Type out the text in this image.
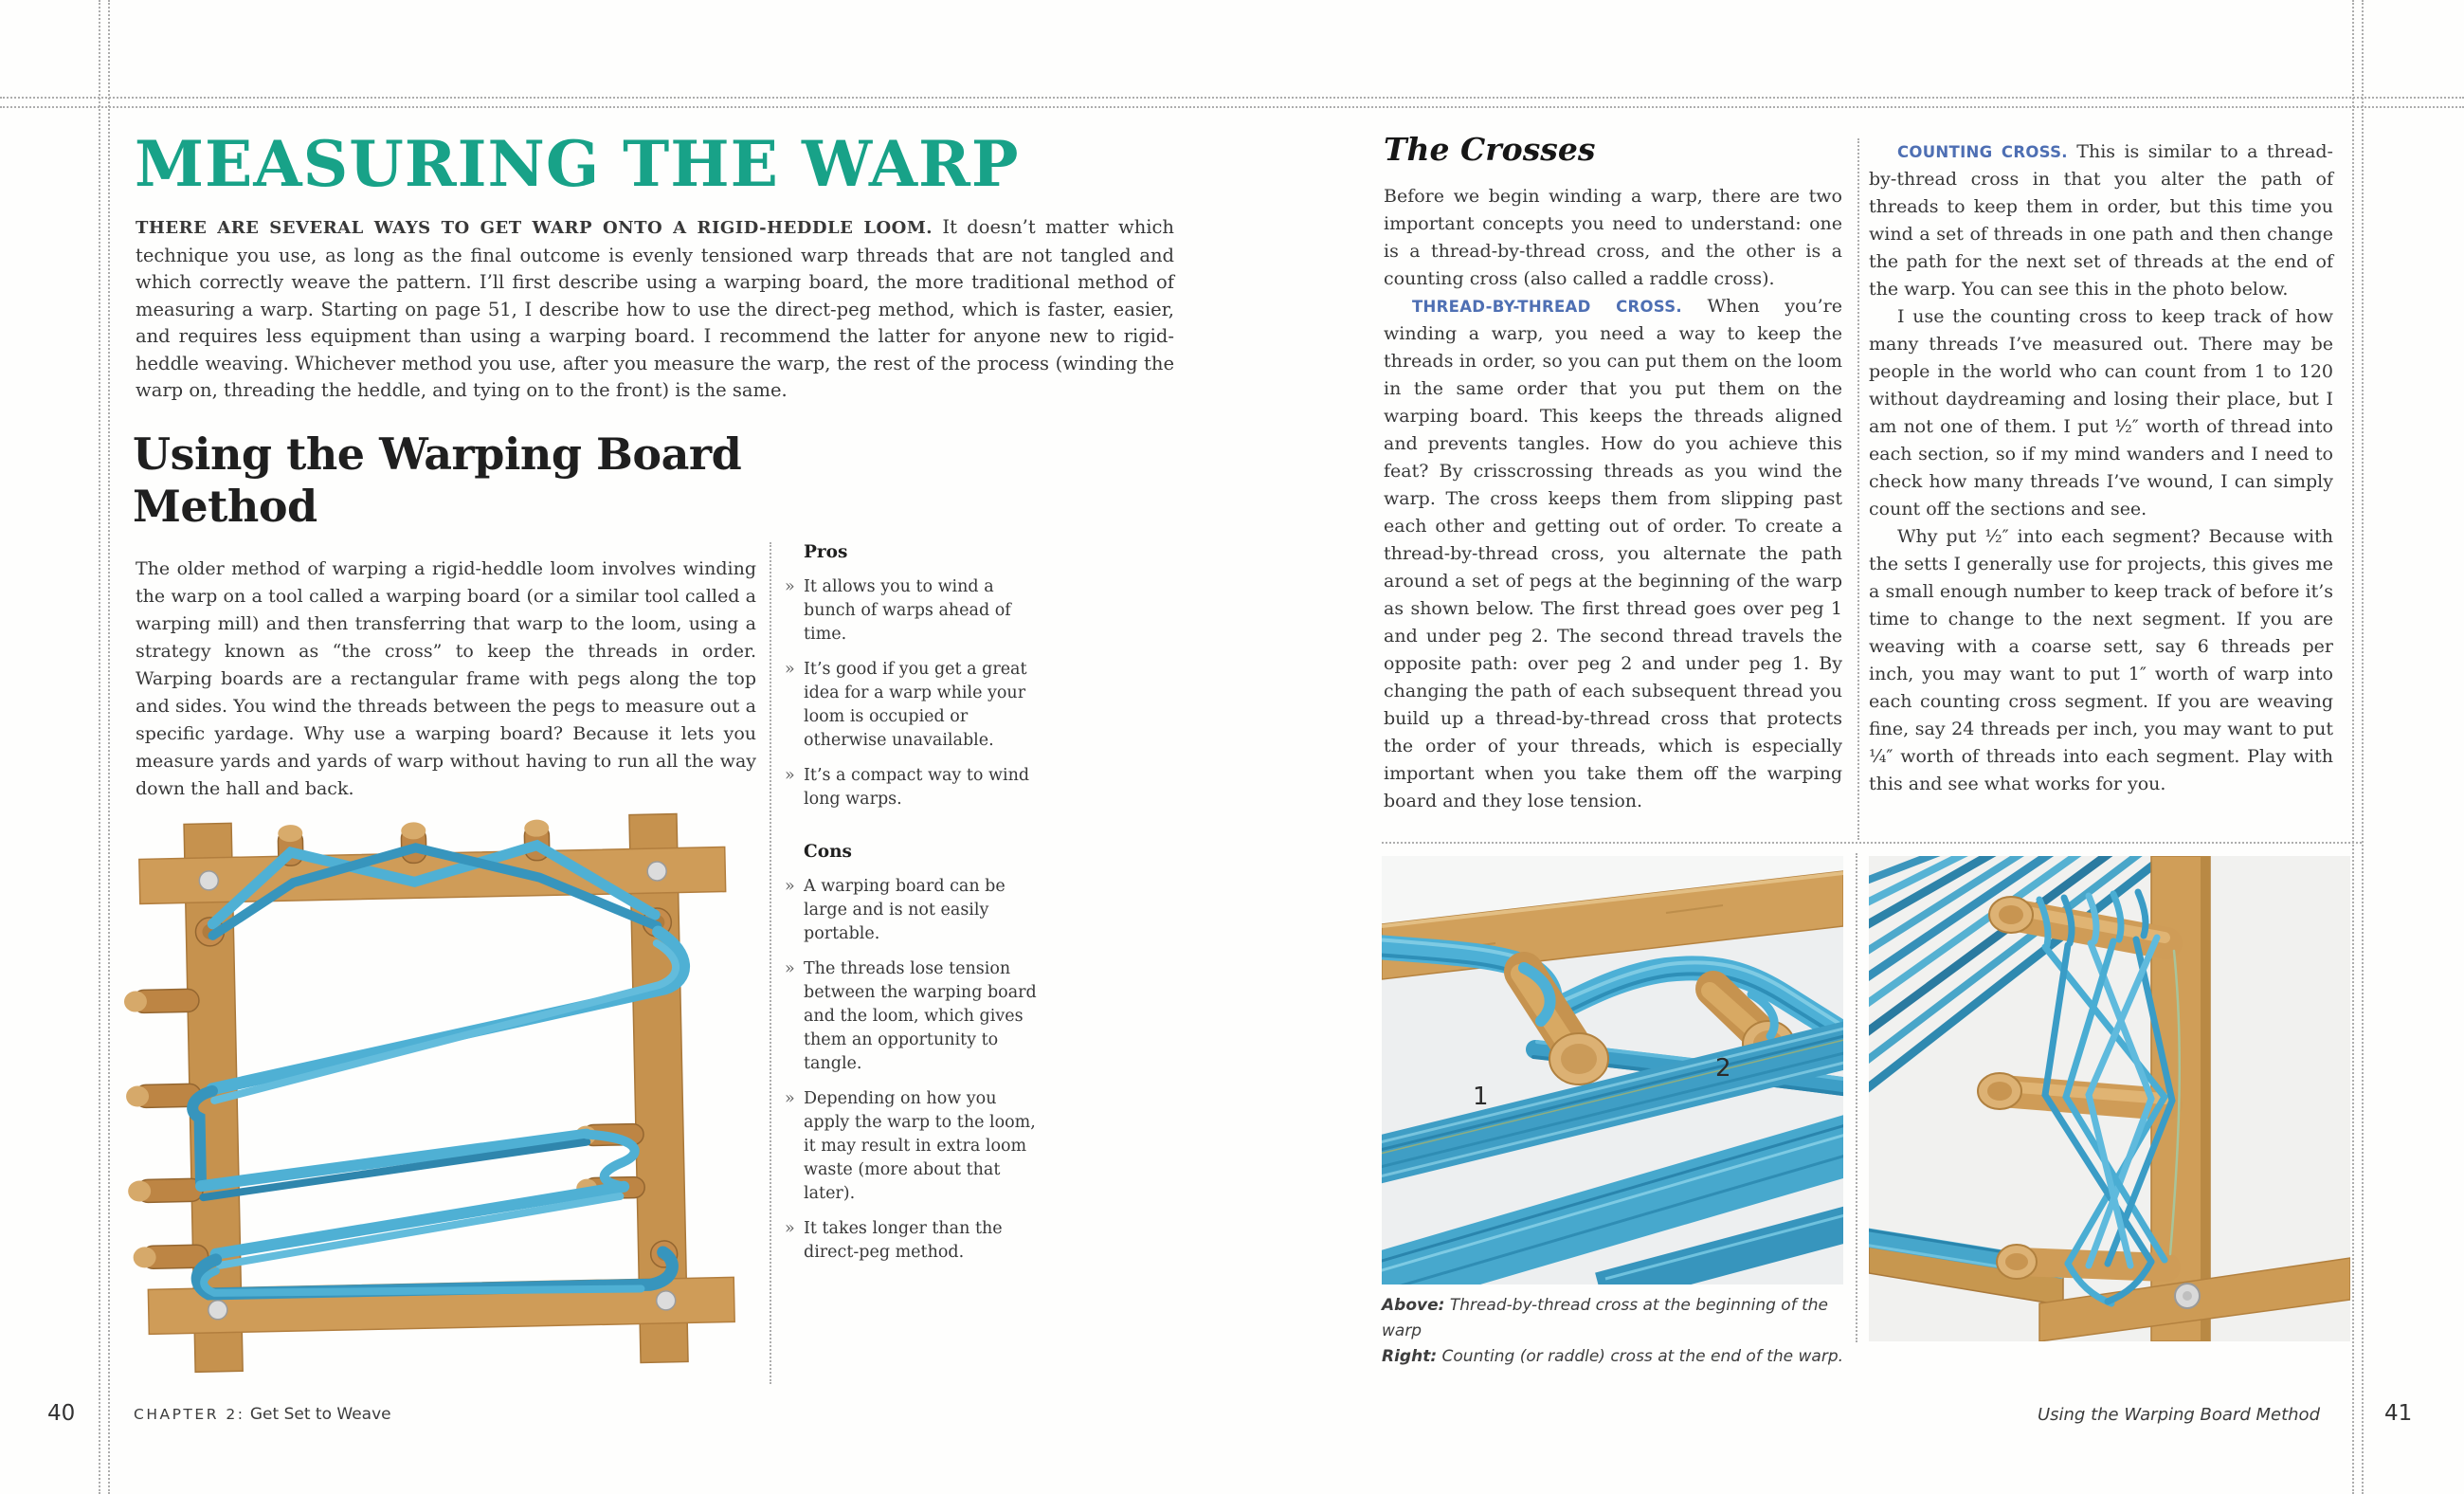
MEASURING THE WARP
THERE ARE SEVERAL WAYS TO GET WARP ONTO A RIGID-HEDDLE LOOM. It doesn’t matter which technique you use, as long as the final outcome is evenly tensioned warp threads that are not tangled and which correctly weave the pattern. I’ll first describe using a warping board, the more traditional method of measuring a warp. Starting on page 51, I describe how to use the direct-peg method, which is faster, easier, and requires less equipment than using a warping board. I recommend the latter for anyone new to rigid-heddle weaving. Whichever method you use, after you measure the warp, the rest of the process (winding the warp on, threading the heddle, and tying on to the front) is the same.
Using the Warping Board Method
The older method of warping a rigid-heddle loom involves winding the warp on a tool called a warping board (or a similar tool called a warping mill) and then transferring that warp to the loom, using a strategy known as “the cross” to keep the threads in order. Warping boards are a rectangular frame with pegs along the top and sides. You wind the threads between the pegs to measure out a specific yardage. Why use a warping board? Because it lets you measure yards and yards of warp without having to run all the way down the hall and back.
Pros
» It allows you to wind a bunch of warps ahead of time.
» It’s good if you get a great idea for a warp while your loom is occupied or otherwise unavailable.
» It’s a compact way to wind long warps.
Cons
» A warping board can be large and is not easily portable.
» The threads lose tension between the warping board and the loom, which gives them an opportunity to tangle.
» Depending on how you apply the warp to the loom, it may result in extra loom waste (more about that later).
» It takes longer than the direct-peg method.
The Crosses

Before we begin winding a warp, there are two important concepts you need to understand: one is a thread-by-thread cross, and the other is a counting cross (also called a raddle cross).

THREAD-BY-THREAD CROSS. When you’re winding a warp, you need a way to keep the threads in order, so you can put them on the loom in the same order that you put them on the warping board. This keeps the threads aligned and prevents tangles. How do you achieve this feat? By crisscrossing threads as you wind the warp. The cross keeps them from slipping past each other and getting out of order. To create a thread-by-thread cross, you alternate the path around a set of pegs at the beginning of the warp as shown below. The first thread goes over peg 1 and under peg 2. The second thread travels the opposite path: over peg 2 and under peg 1. By changing the path of each subsequent thread you build up a thread-by-thread cross that protects the order of your threads, which is especially important when you take them off the warping board and they lose tension.

COUNTING CROSS. This is similar to a thread-by-thread cross in that you alter the path of threads to keep them in order, but this time you wind a set of threads in one path and then change the path for the next set of threads at the end of the warp. You can see this in the photo below.

I use the counting cross to keep track of how many threads I’ve measured out. There may be people in the world who can count from 1 to 120 without daydreaming and losing their place, but I am not one of them. I put ½″ worth of thread into each section, so if my mind wanders and I need to check how many threads I’ve wound, I can simply count off the sections and see.

Why put ½″ into each segment? Because with the setts I generally use for projects, this gives me a small enough number to keep track of before it’s time to change to the next segment. If you are weaving with a coarse sett, say 6 threads per inch, you may want to put 1″ worth of warp into each counting cross segment. If you are weaving fine, say 24 threads per inch, you may want to put ¼″ worth of threads into each segment. Play with this and see what works for you.

1
2
Above: Thread-by-thread cross at the beginning of the warp
Right: Counting (or raddle) cross at the end of the warp.
40	CHAPTER 2: Get Set to Weave	Using the Warping Board Method	41
